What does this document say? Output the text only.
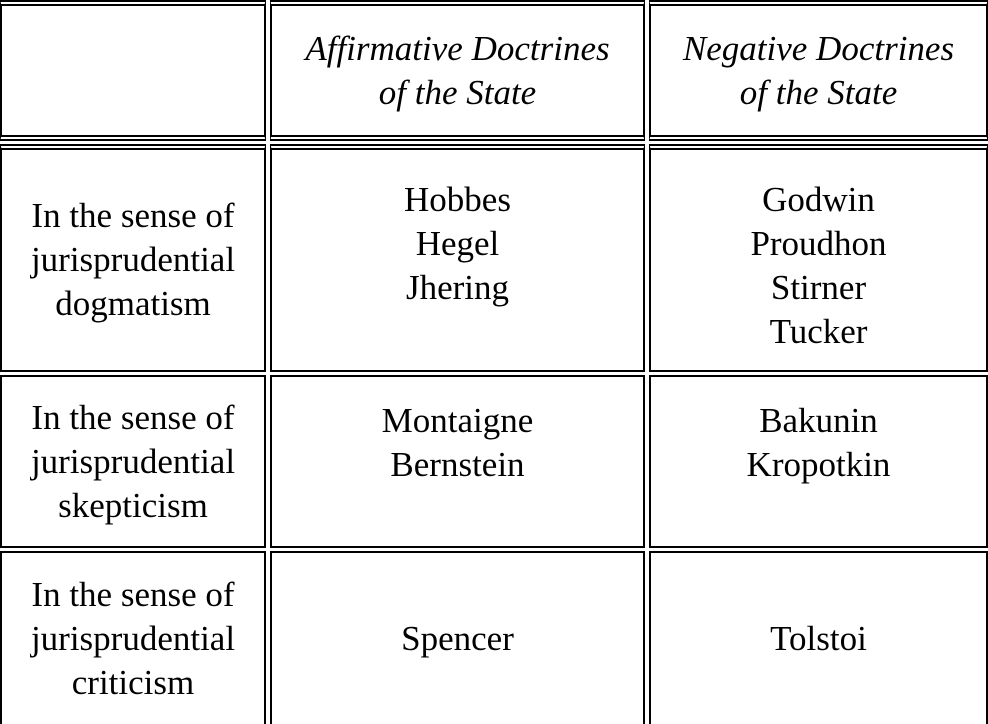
Affirmative Doctrines
of the State
Negative Doctrines
of the State
In the sense of
jurisprudential
dogmatism
Hobbes
Hegel
Jhering
Godwin
Proudhon
Stirner
Tucker
In the sense of
jurisprudential
skepticism
Montaigne
Bernstein
Bakunin
Kropotkin
In the sense of
jurisprudential
criticism
Spencer	Tolstoi
